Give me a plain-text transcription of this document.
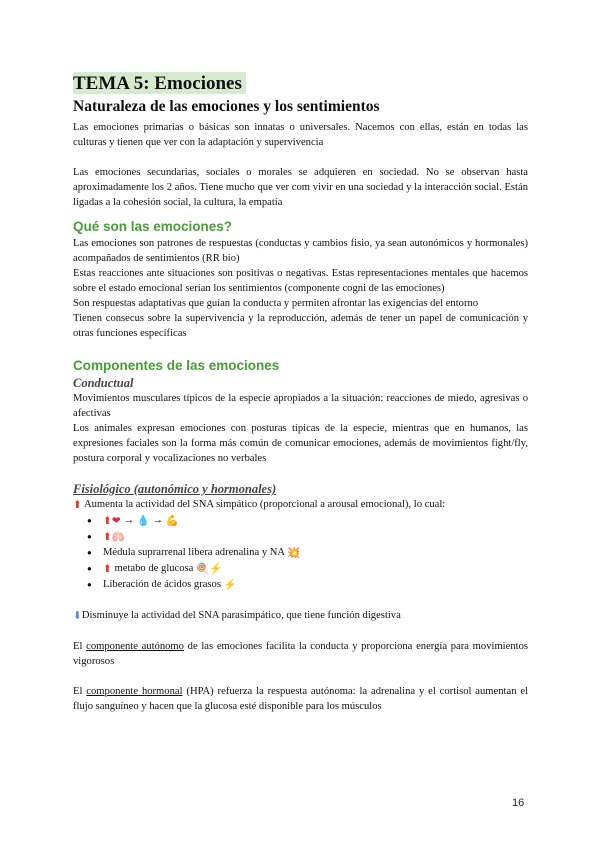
TEMA 5: Emociones
Naturaleza de las emociones y los sentimientos

Las emociones primarias o básicas son innatas o universales. Nacemos con ellas, están en todas las culturas y tienen que ver con la adaptación y supervivencia

Las emociones secundarias, sociales o morales se adquieren en sociedad. No se observan hasta aproximadamente los 2 años. Tiene mucho que ver com vivir en una sociedad y la interacción social. Están ligadas a la cohesión social, la cultura, la empatía

Qué son las emociones?

Las emociones son patrones de respuestas (conductas y cambios fisio, ya sean autonómicos y hormonales) acompañados de sentimientos (RR bio)

Estas reacciones ante situaciones son positivas o negativas. Estas representaciones mentales que hacemos sobre el estado emocional serían los sentimientos (componente cogni de las emociones)

Son respuestas adaptativas que guían la conducta y permiten afrontar las exigencias del entorno

Tienen consecus sobre la supervivencia y la reproducción, además de tener un papel de comunicación y otras funciones específicas

Componentes de las emociones
Conductual

Movimientos musculares típicos de la especie apropiados a la situación: reacciones de miedo, agresivas o afectivas

Los animales expresan emociones con posturas típicas de la especie, mientras que en humanos, las expresiones faciales son la forma más común de comunicar emociones, además de movimientos fight/fly, postura corporal y vocalizaciones no verbales

Fisiológico (autonómico y hormonales)

⬆ Aumenta la actividad del SNA simpático (proporcional a arousal emocional), lo cual:

● ⬆❤ → 💧 → 💪
● ⬆🫁
● Médula suprarrenal libera adrenalina y NA 💥
● ⬆ metabo de glucosa 🍭⚡
● Liberación de ácidos grasos ⚡

⬇Disminuye la actividad del SNA parasimpático, que tiene función digestiva

El componente autónomo de las emociones facilita la conducta y proporciona energía para movimientos vigorosos

El componente hormonal (HPA) refuerza la respuesta autónoma: la adrenalina y el cortisol aumentan el flujo sanguíneo y hacen que la glucosa esté disponible para los músculos

16
